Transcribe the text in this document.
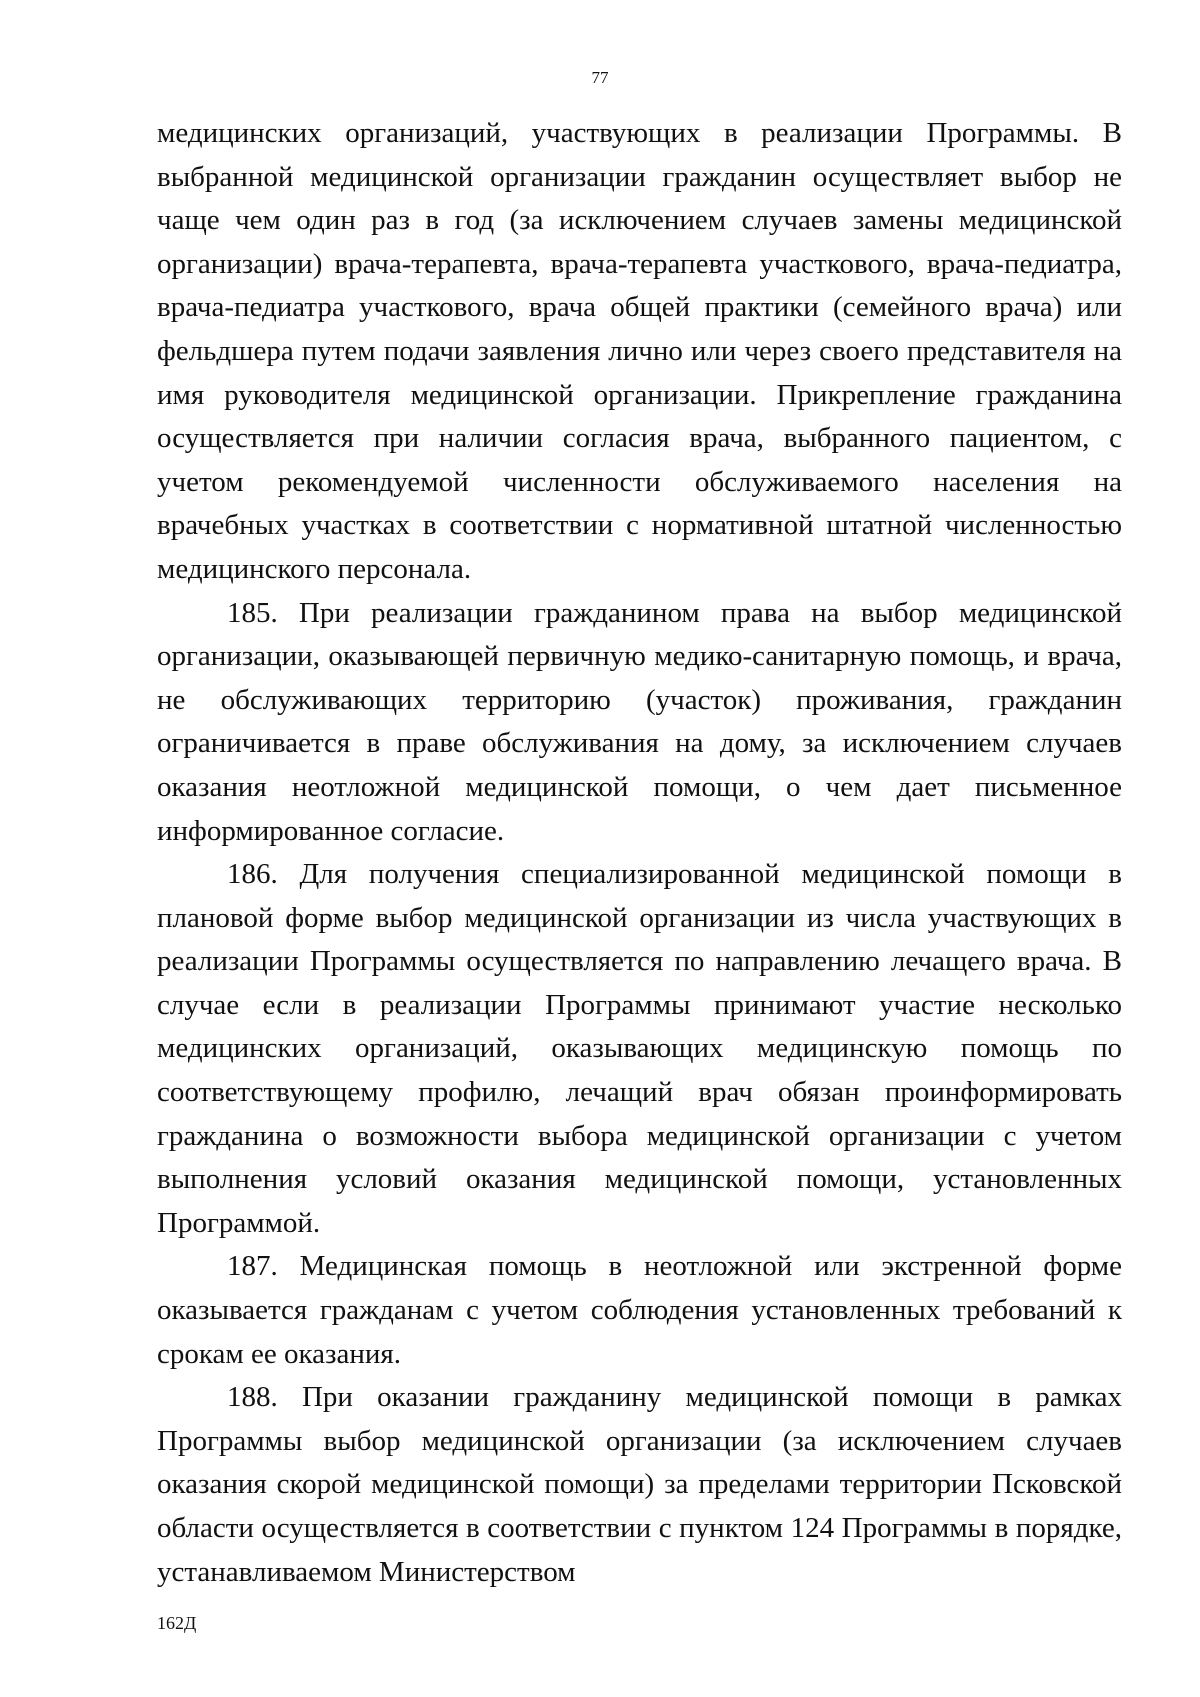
77

медицинских организаций, участвующих в реализации Программы. В выбранной медицинской организации гражданин осуществляет выбор не чаще чем один раз в год (за исключением случаев замены медицинской организации) врача-терапевта, врача-терапевта участкового, врача-педиатра, врача-педиатра участкового, врача общей практики (семейного врача) или фельдшера путем подачи заявления лично или через своего представителя на имя руководителя медицинской организации. Прикрепление гражданина осуществляется при наличии согласия врача, выбранного пациентом, с учетом рекомендуемой численности обслуживаемого населения на врачебных участках в соответствии с нормативной штатной численностью медицинского персонала.

185. При реализации гражданином права на выбор медицинской организации, оказывающей первичную медико-санитарную помощь, и врача, не обслуживающих территорию (участок) проживания, гражданин ограничивается в праве обслуживания на дому, за исключением случаев оказания неотложной медицинской помощи, о чем дает письменное информированное согласие.

186. Для получения специализированной медицинской помощи в плановой форме выбор медицинской организации из числа участвующих в реализации Программы осуществляется по направлению лечащего врача. В случае если в реализации Программы принимают участие несколько медицинских организаций, оказывающих медицинскую помощь по соответствующему профилю, лечащий врач обязан проинформировать гражданина о возможности выбора медицинской организации с учетом выполнения условий оказания медицинской помощи, установленных Программой.

187. Медицинская помощь в неотложной или экстренной форме оказывается гражданам с учетом соблюдения установленных требований к срокам ее оказания.

188. При оказании гражданину медицинской помощи в рамках Программы выбор медицинской организации (за исключением случаев оказания скорой медицинской помощи) за пределами территории Псковской области осуществляется в соответствии с пунктом 124 Программы в порядке, устанавливаемом Министерством

162Д
